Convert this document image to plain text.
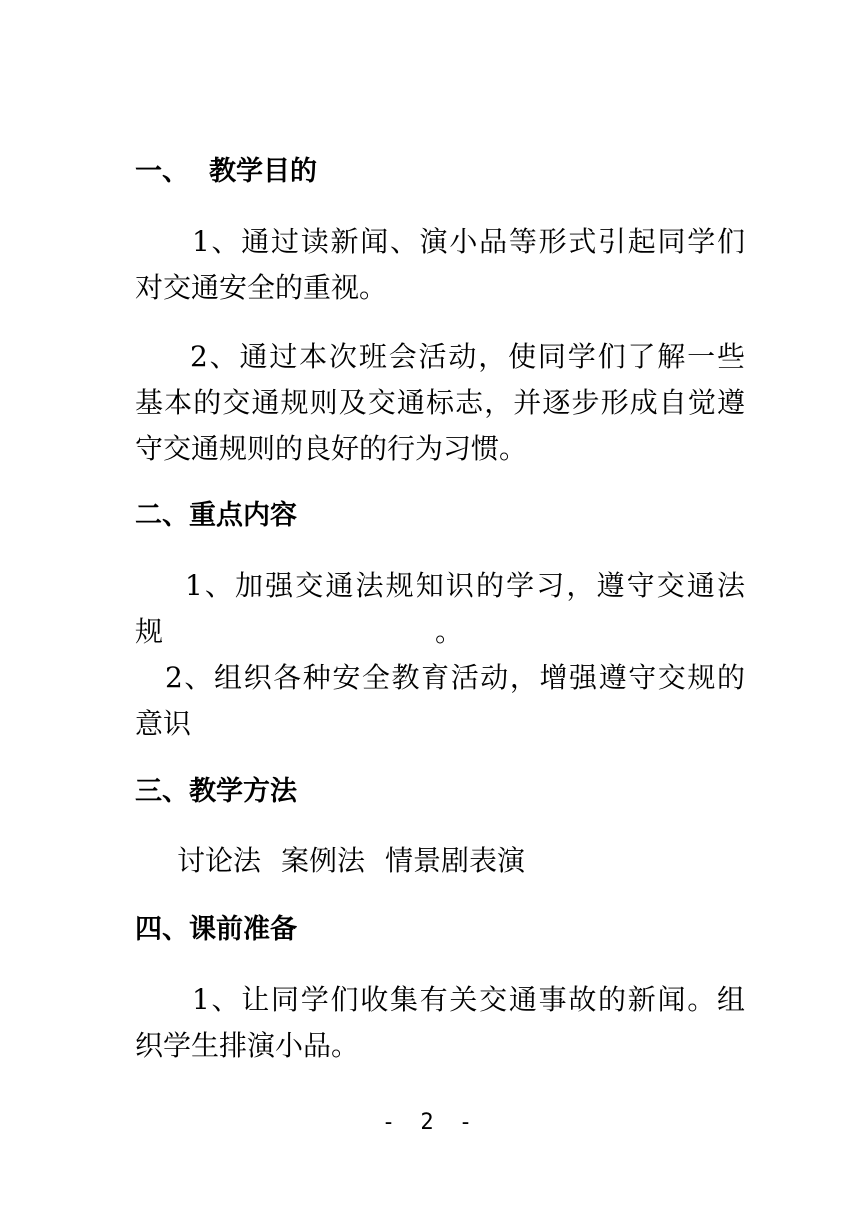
一、 教学目的
1、通过读新闻、演小品等形式引起同学们
对交通安全的重视。
2、通过本次班会活动，使同学们了解一些
基本的交通规则及交通标志，并逐步形成自觉遵
守交通规则的良好的行为习惯。
二、重点内容
1、加强交通法规知识的学习，遵守交通法
规	。
2、组织各种安全教育活动，增强遵守交规的
意识
三、教学方法
讨论法 案例法 情景剧表演
四、课前准备
1、让同学们收集有关交通事故的新闻。组
织学生排演小品。
- 2 -
